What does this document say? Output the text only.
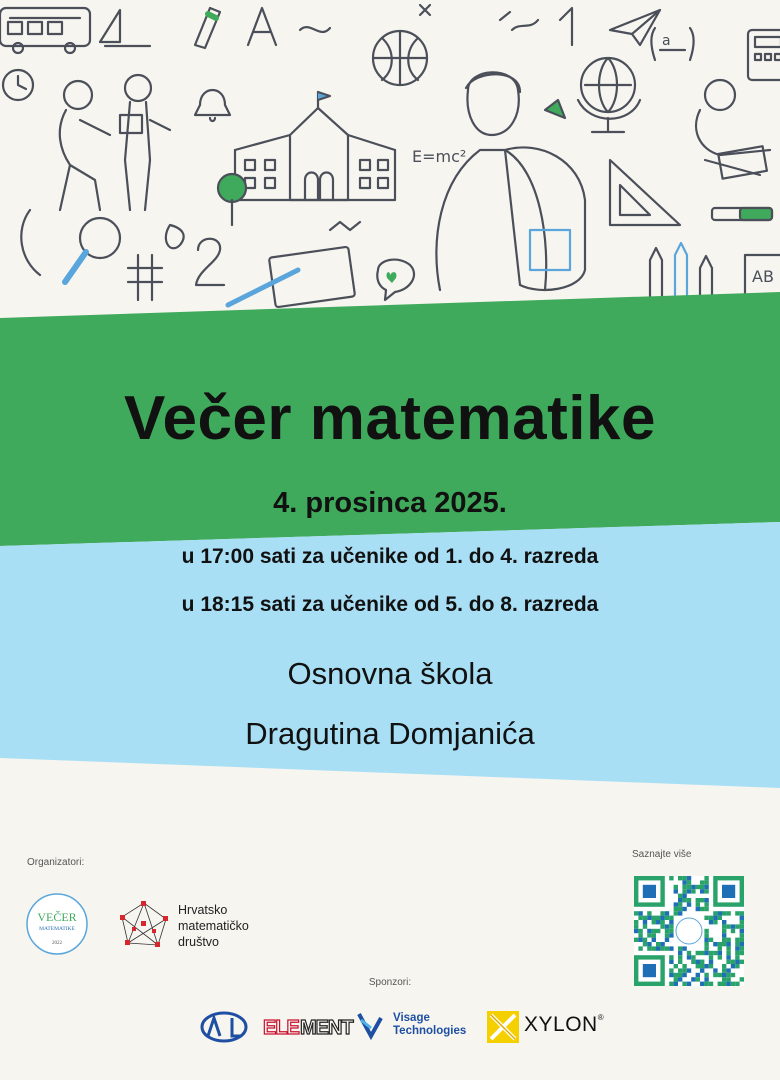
a
E=mc²
AB
Večer matematike
4. prosinca 2025.
u 17:00 sati za učenike od 1. do 4. razreda
u 18:15 sati za učenike od 5. do 8. razreda
Osnovna škola
Dragutina Domjanića
Organizatori:
Saznajte više
Sponzori:
VEČER
MATEMATIKE
2022
Hrvatsko
matematičko
društvo
ELE MENT	Visage
Technologies	XYLON®
